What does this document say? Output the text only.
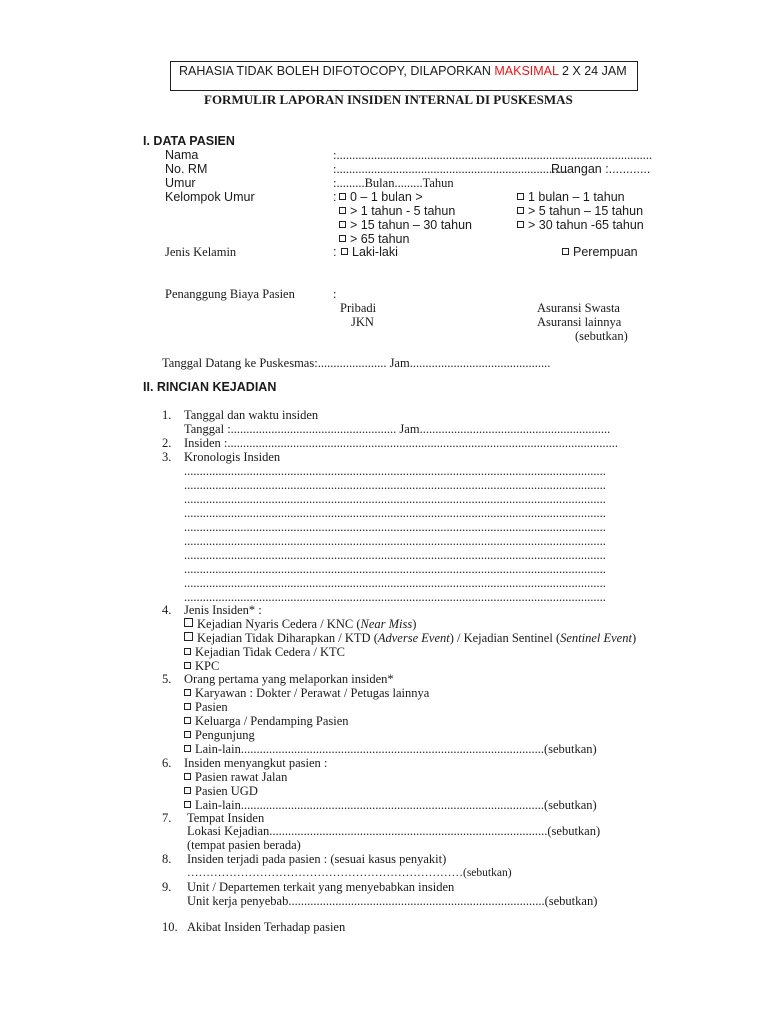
RAHASIA TIDAK BOLEH DIFOTOCOPY, DILAPORKAN MAKSIMAL 2 X 24 JAM
FORMULIR LAPORAN INSIDEN INTERNAL DI PUSKESMAS
I. DATA PASIEN
Nama	:.....................................................................................................
No. RM	:..........................................................................
Ruangan :............
Umur	:.........Bulan.........Tahun
Kelompok Umur	:	0 – 1 bulan >	1 bulan – 1 tahun
> 1 tahun - 5 tahun	> 5 tahun – 15 tahun
> 15 tahun – 30 tahun	> 30 tahun -65 tahun
> 65 tahun
Jenis Kelamin	:	Laki-laki	Perempuan
Penanggung Biaya Pasien	:
Pribadi	Asuransi Swasta
JKN	Asuransi lainnya
(sebutkan)
Tanggal Datang ke Puskesmas:...................... Jam.............................................
II. RINCIAN KEJADIAN
1. Tanggal dan waktu insiden
Tanggal :..................................................... Jam.............................................................
2. Insiden :.............................................................................................................................
3. Kronologis Insiden
.......................................................................................................................................
.......................................................................................................................................
.......................................................................................................................................
.......................................................................................................................................
.......................................................................................................................................
.......................................................................................................................................
.......................................................................................................................................
.......................................................................................................................................
.......................................................................................................................................
.......................................................................................................................................
4. Jenis Insiden* :
Kejadian Nyaris Cedera / KNC (Near Miss)
Kejadian Tidak Diharapkan / KTD (Adverse Event) / Kejadian Sentinel (Sentinel Event)
Kejadian Tidak Cedera / KTC
KPC
5. Orang pertama yang melaporkan insiden*
Karyawan : Dokter / Perawat / Petugas lainnya
Pasien
Keluarga / Pendamping Pasien
Pengunjung
Lain-lain.................................................................................................(sebutkan)
6. Insiden menyangkut pasien :
Pasien rawat Jalan
Pasien UGD
Lain-lain.................................................................................................(sebutkan)
7. Tempat Insiden
Lokasi Kejadian.........................................................................................(sebutkan)
(tempat pasien berada)
8. Insiden terjadi pada pasien : (sesuai kasus penyakit)
………………………………………………………………(sebutkan)
9. Unit / Departemen terkait yang menyebabkan insiden
Unit kerja penyebab..................................................................................(sebutkan)
10. Akibat Insiden Terhadap pasien
